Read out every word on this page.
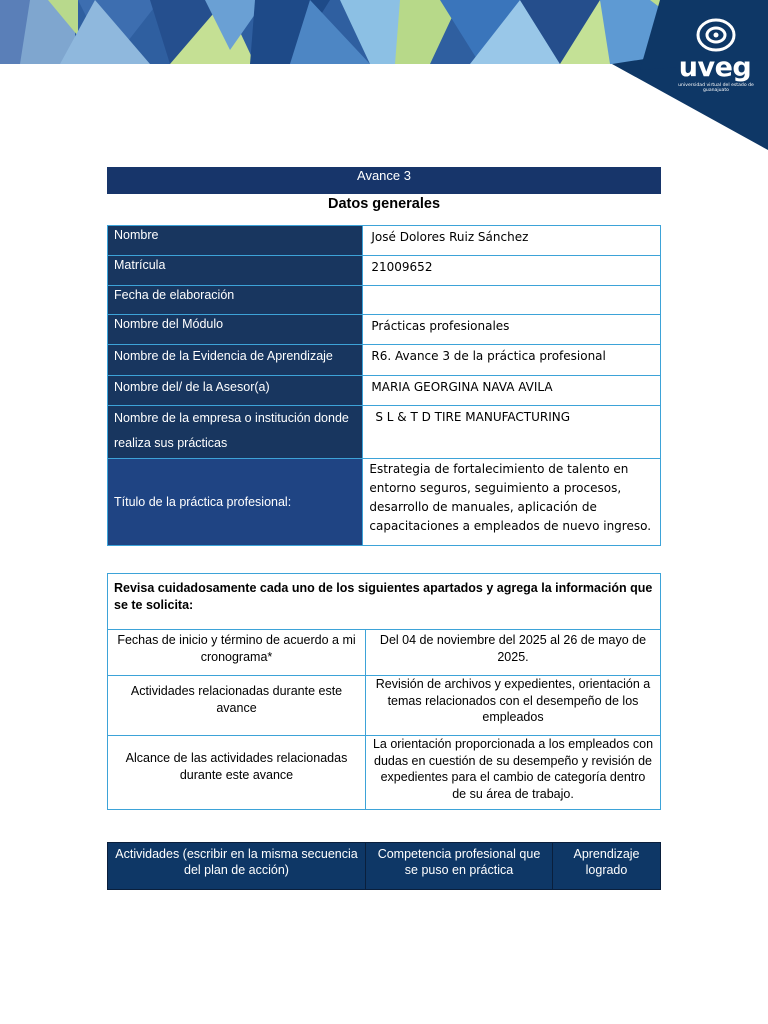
uveg
universidad virtual del estado de guanajuato
Avance 3
Datos generales
Nombre	José Dolores Ruiz Sánchez
Matrícula	21009652
Fecha de elaboración	
Nombre del Módulo	Prácticas profesionales
Nombre de la Evidencia de Aprendizaje	R6. Avance 3 de la práctica profesional
Nombre del/ de la Asesor(a)	MARIA GEORGINA NAVA AVILA
Nombre de la empresa o institución donde realiza sus prácticas	S L & T D TIRE MANUFACTURING
Título de la práctica profesional:	Estrategia de fortalecimiento de talento en entorno seguros, seguimiento a procesos, desarrollo de manuales, aplicación de capacitaciones a empleados de nuevo ingreso.
Revisa cuidadosamente cada uno de los siguientes apartados y agrega la información que se te solicita:	
Fechas de inicio y término de acuerdo a mi cronograma*	Del 04 de noviembre del 2025 al 26 de mayo de 2025.
Actividades relacionadas durante este avance	Revisión de archivos y expedientes, orientación a temas relacionados con el desempeño de los empleados
Alcance de las actividades relacionadas durante este avance	La orientación proporcionada a los empleados con dudas en cuestión de su desempeño y revisión de expedientes para el cambio de categoría dentro de su área de trabajo.
Actividades (escribir en la misma secuencia del plan de acción)	Competencia profesional que se puso en práctica	Aprendizaje logrado
